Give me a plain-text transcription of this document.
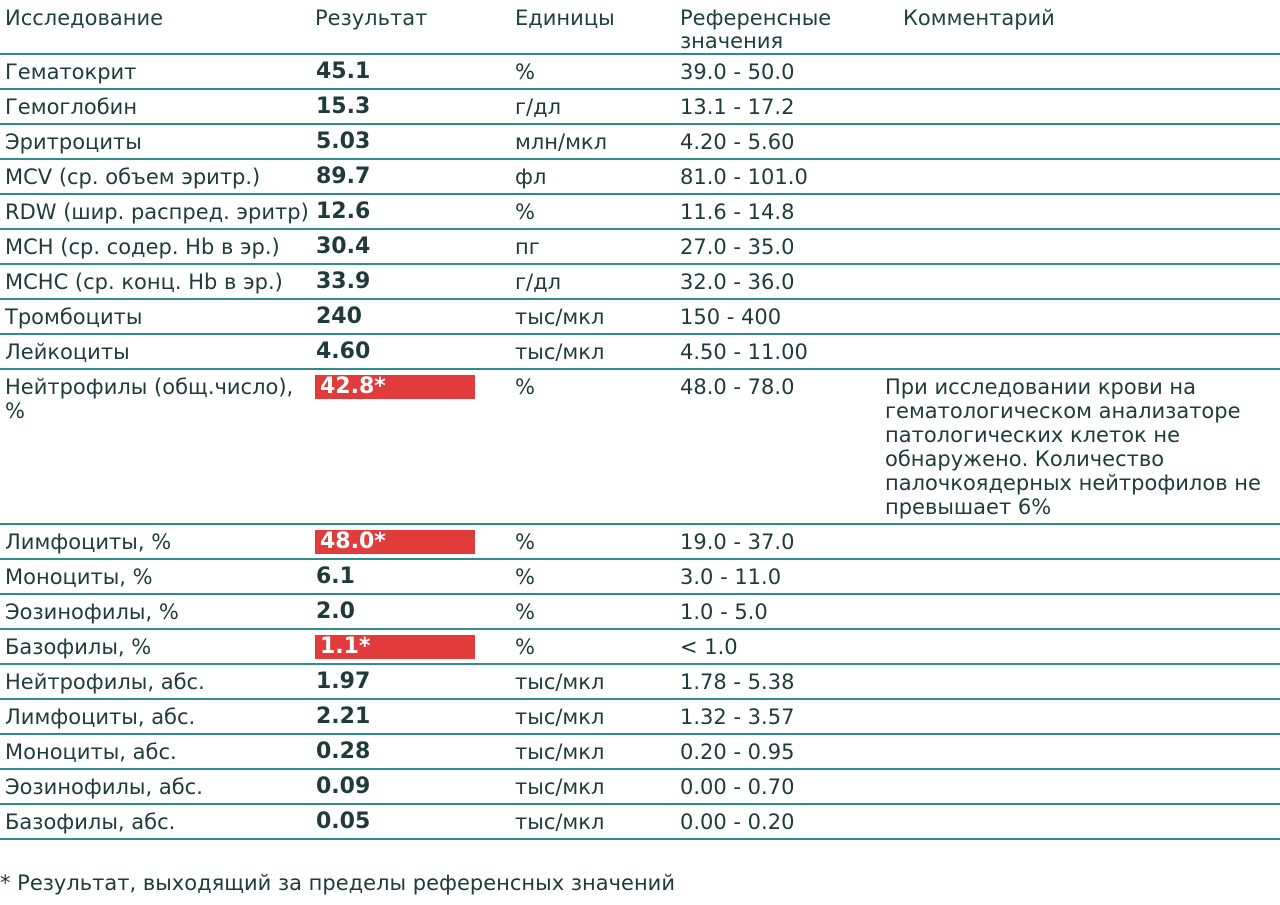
Исследование	Результат	Единицы	Референсные значения	Комментарий
Гематокрит	45.1	%	39.0 - 50.0	
Гемоглобин	15.3	г/дл	13.1 - 17.2	
Эритроциты	5.03	млн/мкл	4.20 - 5.60	
MCV (ср. объем эритр.)	89.7	фл	81.0 - 101.0	
RDW (шир. распред. эритр)	12.6	%	11.6 - 14.8	
MCH (ср. содер. Hb в эр.)	30.4	пг	27.0 - 35.0	
МCHC (ср. конц. Hb в эр.)	33.9	г/дл	32.0 - 36.0	
Тромбоциты	240	тыс/мкл	150 - 400	
Лейкоциты	4.60	тыс/мкл	4.50 - 11.00	
Нейтрофилы (общ.число), %	42.8*	%	48.0 - 78.0	При исследовании крови на гематологическом анализаторе патологических клеток не обнаружено. Количество палочкоядерных нейтрофилов не превышает 6%
Лимфоциты, %	48.0*	%	19.0 - 37.0	
Моноциты, %	6.1	%	3.0 - 11.0	
Эозинофилы, %	2.0	%	1.0 - 5.0	
Базофилы, %	1.1*	%	< 1.0	
Нейтрофилы, абс.	1.97	тыс/мкл	1.78 - 5.38	
Лимфоциты, абс.	2.21	тыс/мкл	1.32 - 3.57	
Моноциты, абс.	0.28	тыс/мкл	0.20 - 0.95	
Эозинофилы, абс.	0.09	тыс/мкл	0.00 - 0.70	
Базофилы, абс.	0.05	тыс/мкл	0.00 - 0.20	
* Результат, выходящий за пределы референсных значений
